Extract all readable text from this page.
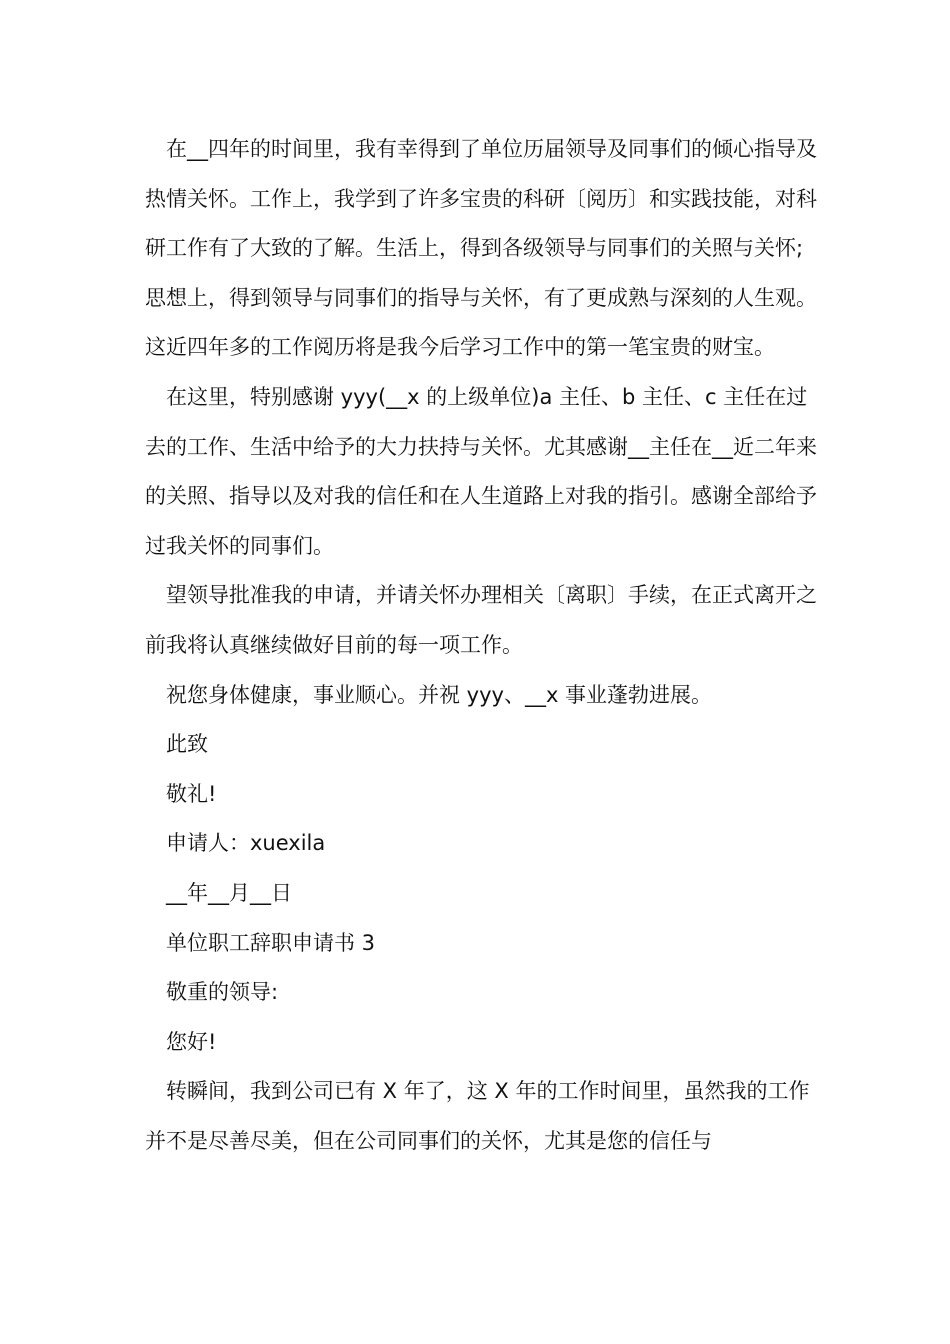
在__四年的时间里，我有幸得到了单位历届领导及同事们的倾心指导及热情关怀。工作上，我学到了许多宝贵的科研〔阅历〕和实践技能，对科研工作有了大致的了解。生活上，得到各级领导与同事们的关照与关怀;思想上，得到领导与同事们的指导与关怀，有了更成熟与深刻的人生观。这近四年多的工作阅历将是我今后学习工作中的第一笔宝贵的财宝。

在这里，特别感谢 yyy(__x 的上级单位)a 主任、b 主任、c 主任在过去的工作、生活中给予的大力扶持与关怀。尤其感谢__主任在__近二年来的关照、指导以及对我的信任和在人生道路上对我的指引。感谢全部给予过我关怀的同事们。

望领导批准我的申请，并请关怀办理相关〔离职〕手续，在正式离开之前我将认真继续做好目前的每一项工作。

祝您身体健康，事业顺心。并祝 yyy、__x 事业蓬勃进展。

此致

敬礼!

申请人：xuexila

__年__月__日

单位职工辞职申请书 3

敬重的领导:

您好!

转瞬间，我到公司已有 X 年了，这 X 年的工作时间里，虽然我的工作并不是尽善尽美，但在公司同事们的关怀，尤其是您的信任与
